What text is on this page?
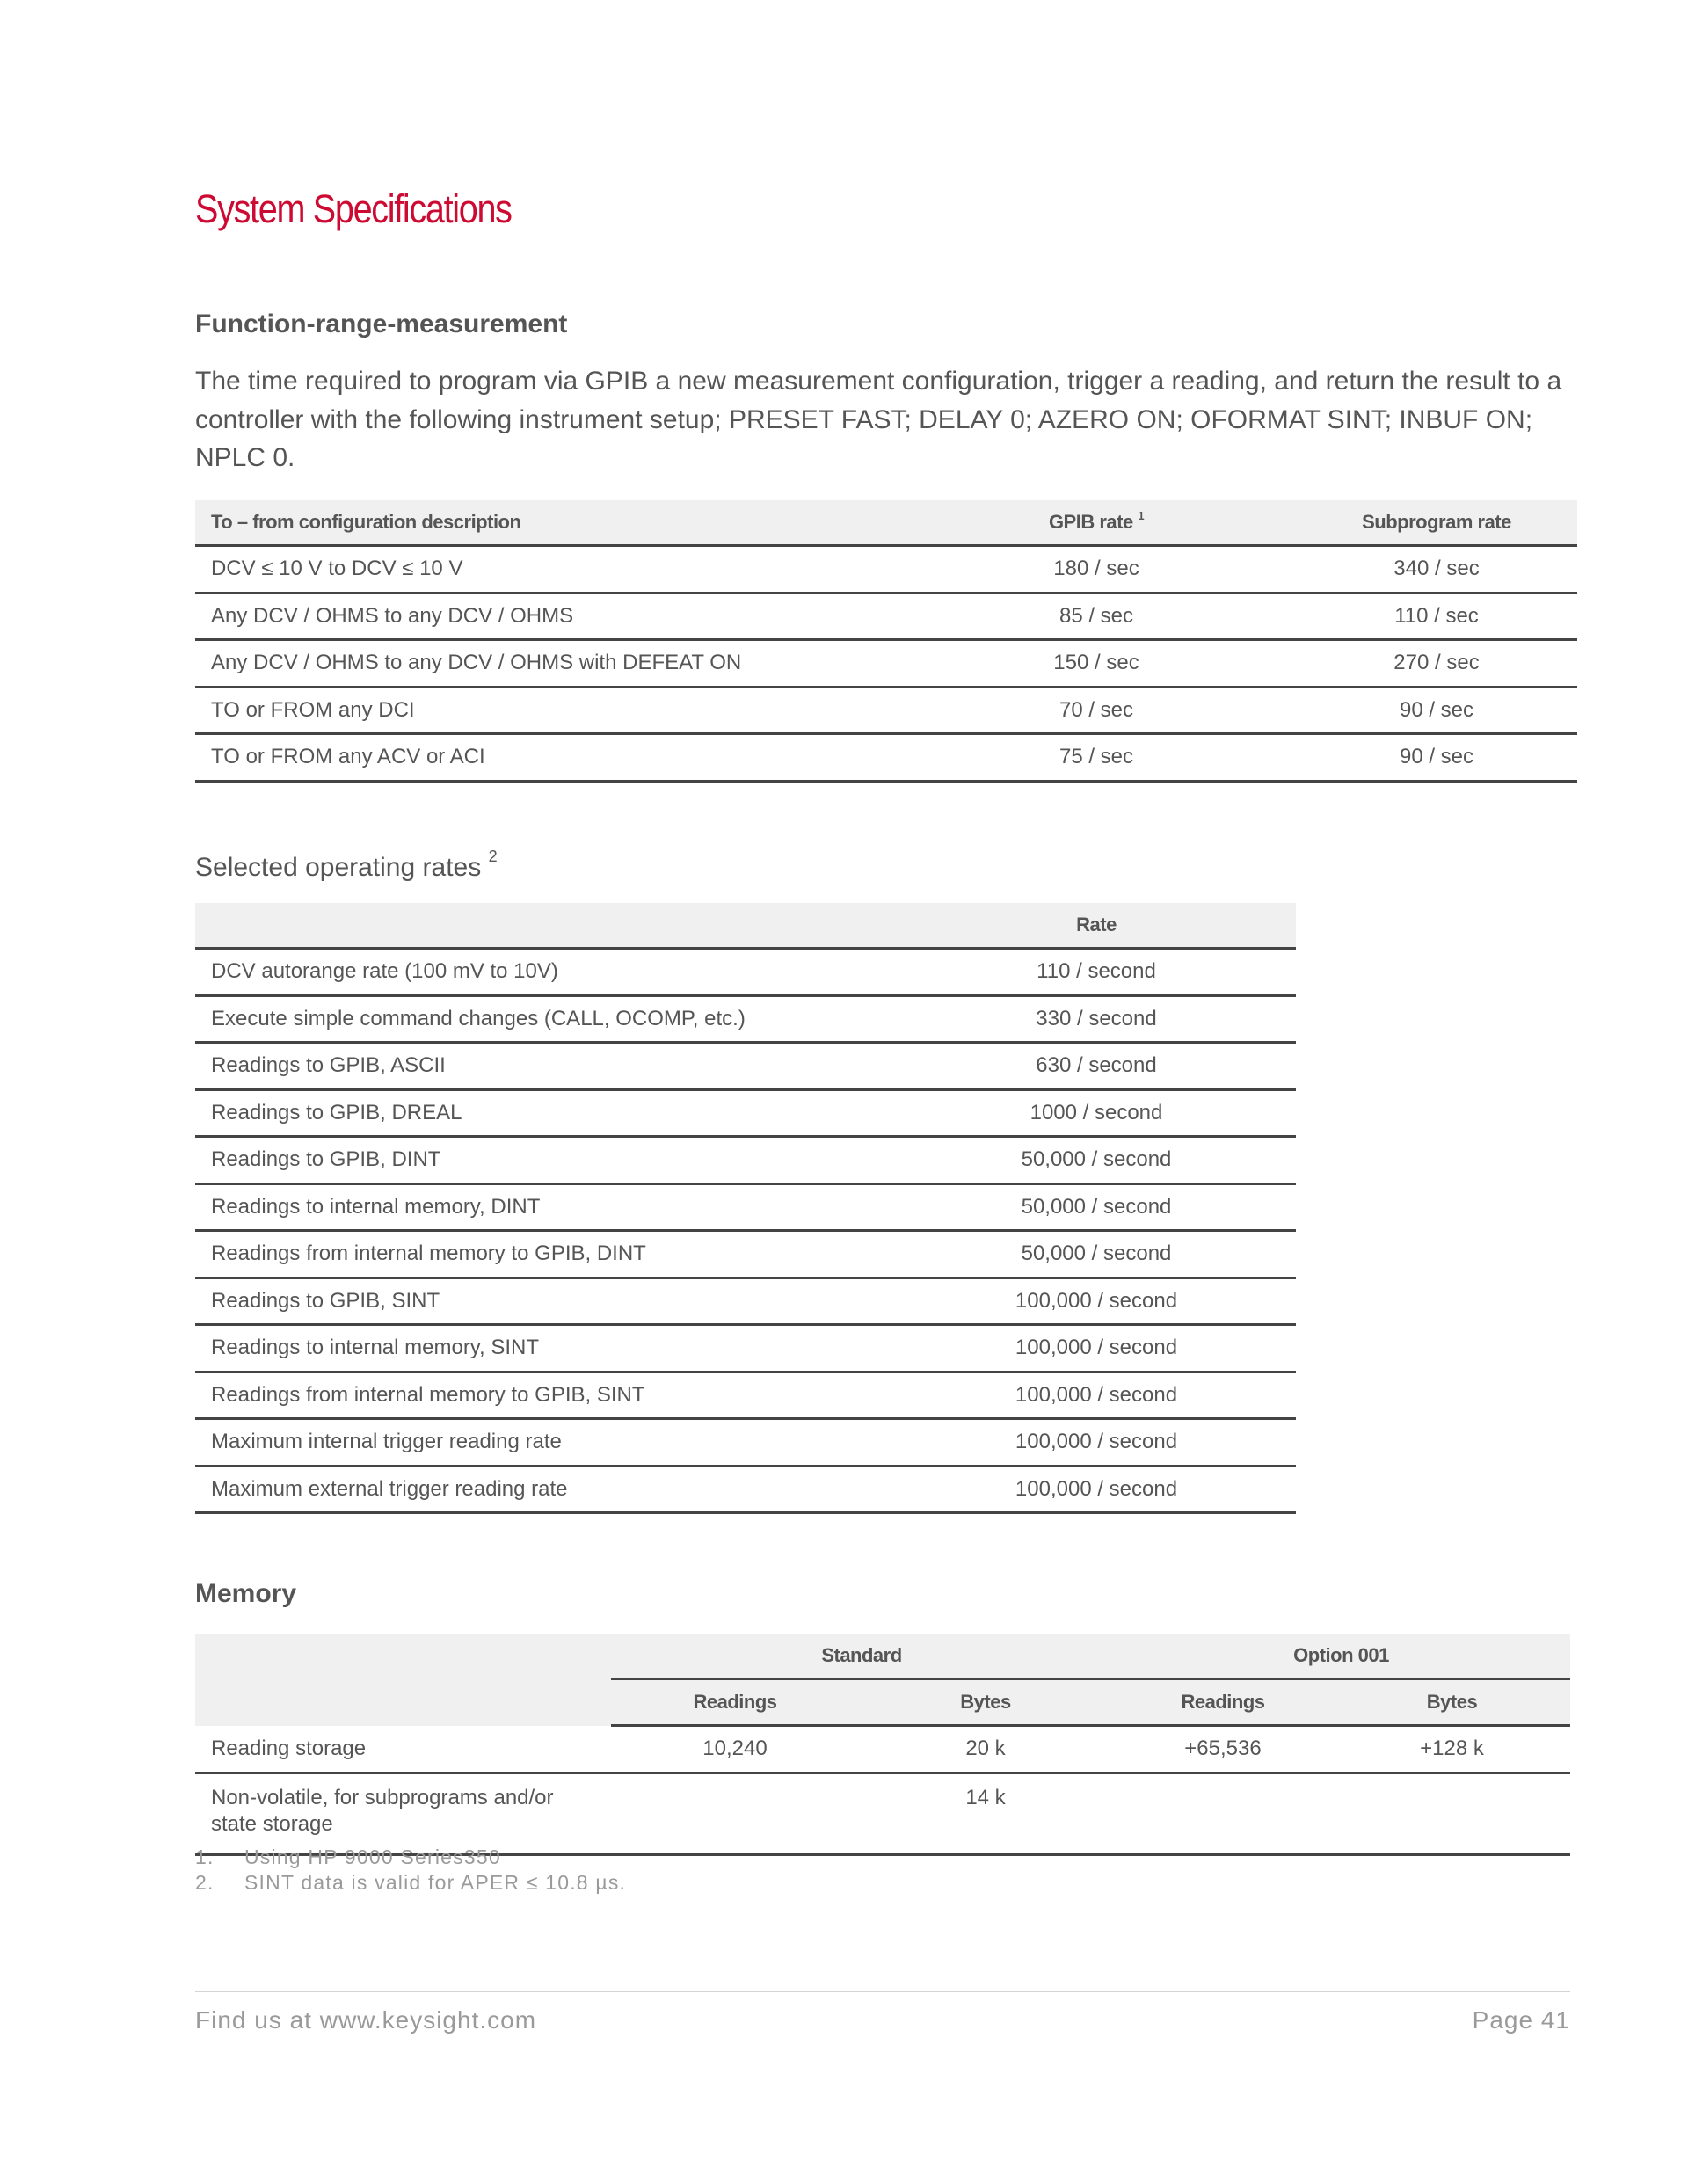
System Specifications
Function-range-measurement
The time required to program via GPIB a new measurement configuration, trigger a reading, and return the result to a controller with the following instrument setup; PRESET FAST; DELAY 0; AZERO ON; OFORMAT SINT; INBUF ON; NPLC 0.
To – from configuration description	GPIB rate $^1$	Subprogram rate
DCV ≤ 10 V to DCV ≤ 10 V	180 / sec	340 / sec
Any DCV / OHMS to any DCV / OHMS	85 / sec	110 / sec
Any DCV / OHMS to any DCV / OHMS with DEFEAT ON	150 / sec	270 / sec
TO or FROM any DCI	70 / sec	90 / sec
TO or FROM any ACV or ACI	75 / sec	90 / sec
Selected operating rates $^2$
	Rate
DCV autorange rate (100 mV to 10V)	110 / second
Execute simple command changes (CALL, OCOMP, etc.)	330 / second
Readings to GPIB, ASCII	630 / second
Readings to GPIB, DREAL	1000 / second
Readings to GPIB, DINT	50,000 / second
Readings to internal memory, DINT	50,000 / second
Readings from internal memory to GPIB, DINT	50,000 / second
Readings to GPIB, SINT	100,000 / second
Readings to internal memory, SINT	100,000 / second
Readings from internal memory to GPIB, SINT	100,000 / second
Maximum internal trigger reading rate	100,000 / second
Maximum external trigger reading rate	100,000 / second
Memory
	Standard		Option 001	
	Readings	Bytes	Readings	Bytes
Reading storage	10,240	20 k	+65,536	+128 k
Non-volatile, for subprograms and/or state storage		14 k		
1.	Using HP 9000 Series350
2.	SINT data is valid for APER ≤ 10.8 µs.
Find us at www.keysight.com	Page 41
